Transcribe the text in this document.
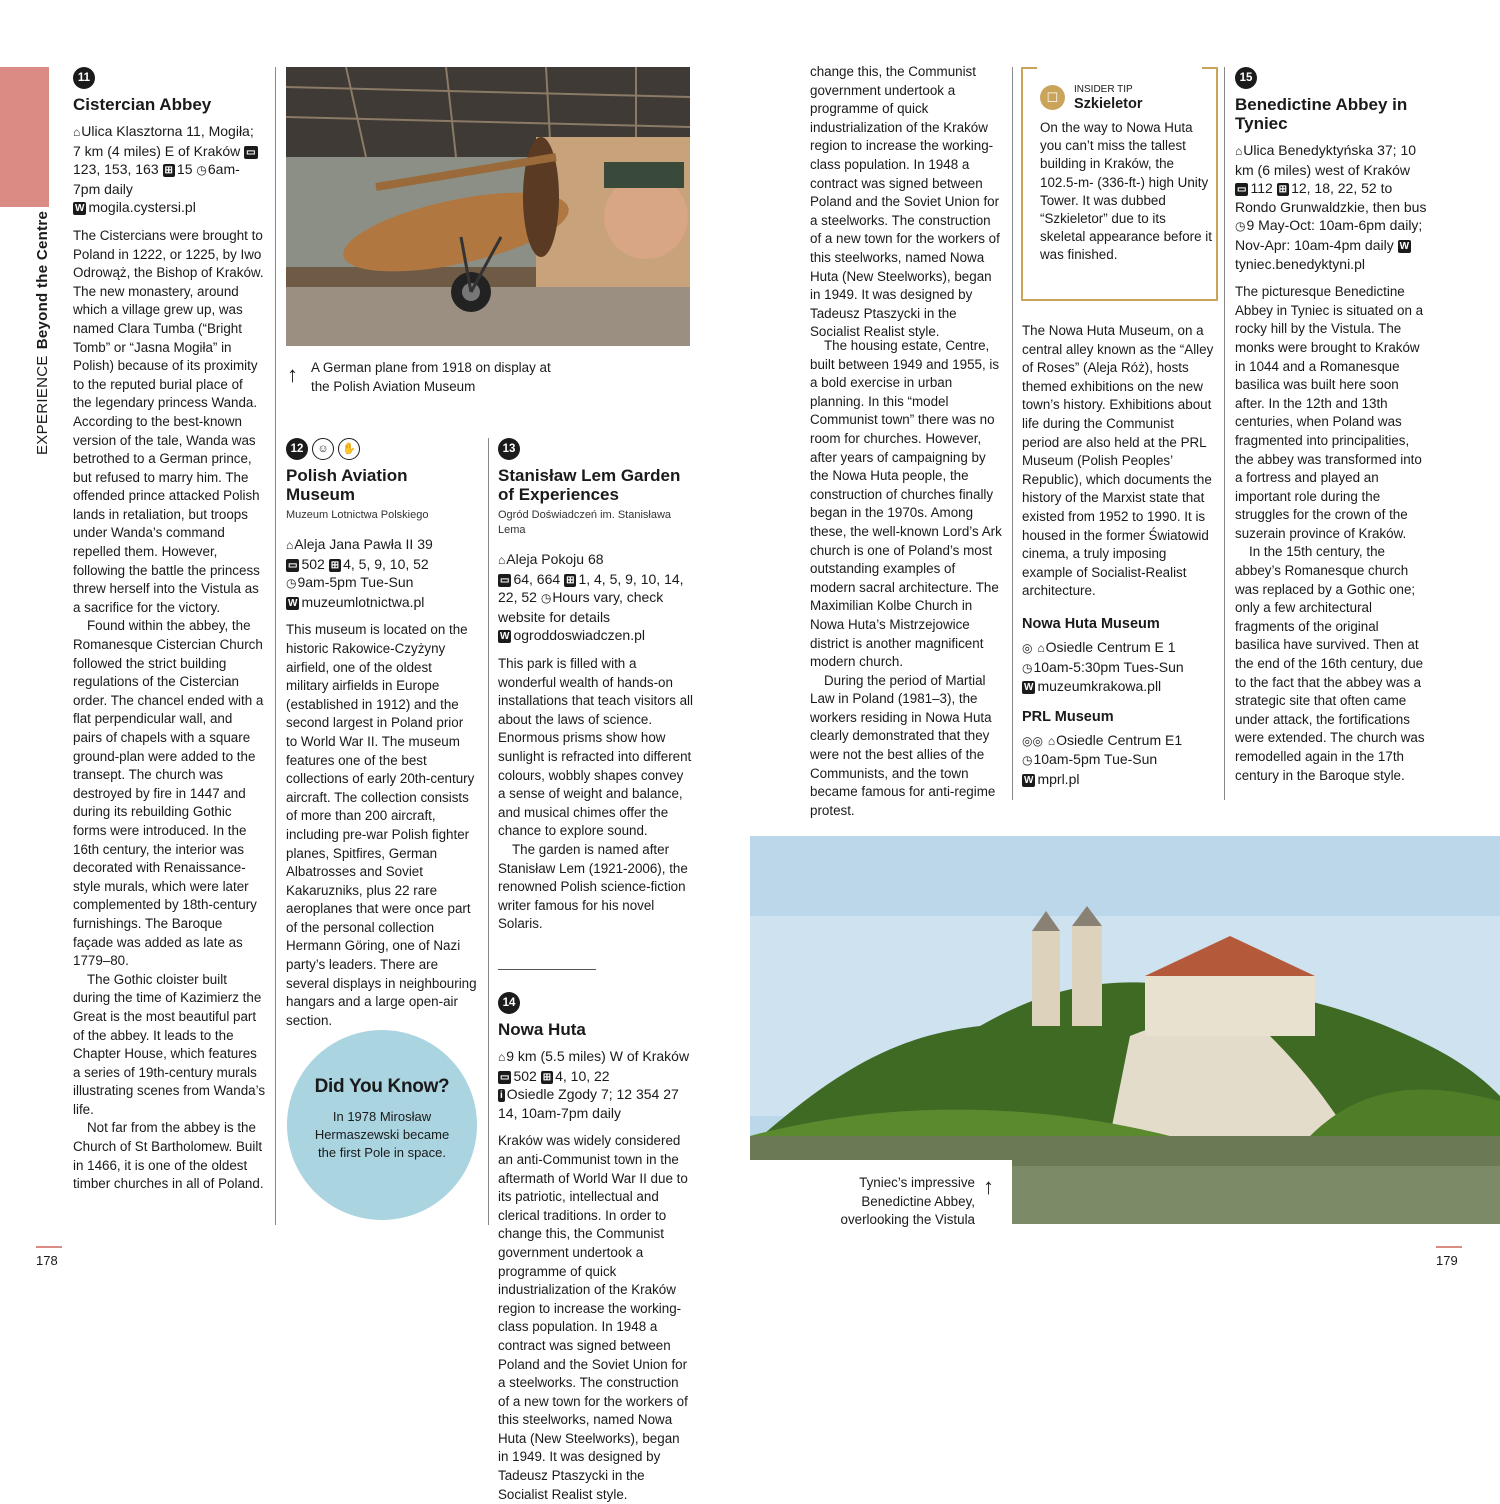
EXPERIENCEBeyond the Centre
11
Cistercian Abbey
⌂Ulica Klasztorna 11, Mogiła; 7 km (4 miles) E of Kraków ▭123, 153, 163 ⊞ 15 ◷6am-7pm daily
W mogila.cystersi.pl

The Cistercians were brought to Poland in 1222, or 1225, by Iwo Odrowąż, the Bishop of Kraków. The new monastery, around which a village grew up, was named Clara Tumba (“Bright Tomb” or “Jasna Mogiła” in Polish) because of its proximity to the reputed burial place of the legendary princess Wanda. According to the best-known version of the tale, Wanda was betrothed to a German prince, but refused to marry him. The offended prince attacked Polish lands in retaliation, but troops under Wanda’s command repelled them. However, following the battle the princess threw herself into the Vistula as a sacrifice for the victory.

Found within the abbey, the Romanesque Cistercian Church followed the strict building regulations of the Cistercian order. The chancel ended with a flat perpendicular wall, and pairs of chapels with a square ground-plan were added to the transept. The church was destroyed by fire in 1447 and during its rebuilding Gothic forms were introduced. In the 16th century, the interior was decorated with Renaissance-style murals, which were later complemented by 18th-century furnishings. The Baroque façade was added as late as 1779–80.

The Gothic cloister built during the time of Kazimierz the Great is the most beautiful part of the abbey. It leads to the Chapter House, which features a series of 19th-century murals illustrating scenes from Wanda’s life.

Not far from the abbey is the Church of St Bartholomew. Built in 1466, it is one of the oldest timber churches in all of Poland.

↑ A German plane from 1918 on display at the Polish Aviation Museum
12 ☺ ✋
Polish Aviation Museum
Muzeum Lotnictwa Polskiego
⌂Aleja Jana Pawła II 39
▭ 502 ⊞ 4, 5, 9, 10, 52
◷9am-5pm Tue-Sun
W muzeumlotnictwa.pl

This museum is located on the historic Rakowice-Czyżyny airfield, one of the oldest military airfields in Europe (established in 1912) and the second largest in Poland prior to World War II. The museum features one of the best collections of early 20th-century aircraft. The collection consists of more than 200 aircraft, including pre-war Polish fighter planes, Spitfires, German Albatrosses and Soviet Kakaruzniks, plus 22 rare aeroplanes that were once part of the personal collection Hermann Göring, one of Nazi party’s leaders. There are several displays in neighbouring hangars and a large open-air section.

Did You Know?
In 1978 Mirosław Hermaszewski became the first Pole in space.
13
Stanisław Lem Garden of Experiences
Ogród Doświadczeń im. Stanisława Lema
⌂Aleja Pokoju 68
▭ 64, 664 ⊞ 1, 4, 5, 9, 10, 14, 22, 52 ◷Hours vary, check website for details
W ogroddoswiadczen.pl

This park is filled with a wonderful wealth of hands-on installations that teach visitors all about the laws of science. Enormous prisms show how sunlight is refracted into different colours, wobbly shapes convey a sense of weight and balance, and musical chimes offer the chance to explore sound.

The garden is named after Stanisław Lem (1921-2006), the renowned Polish science-fiction writer famous for his novel Solaris.

14
Nowa Huta
⌂9 km (5.5 miles) W of Kraków ▭ 502 ⊞ 4, 10, 22
i Osiedle Zgody 7; 12 354 27 14, 10am-7pm daily

Kraków was widely considered an anti-Communist town in the aftermath of World War II due to its patriotic, intellectual and clerical traditions. In order to change this, the Communist government undertook a programme of quick industrialization of the Kraków region to increase the working-class population. In 1948 a contract was signed between Poland and the Soviet Union for a steelworks. The construction of a new town for the workers of this steelworks, named Nowa Huta (New Steelworks), began in 1949. It was designed by Tadeusz Ptaszycki in the Socialist Realist style.

change this, the Communist government undertook a programme of quick industrialization of the Kraków region to increase the working-class population. In 1948 a contract was signed between Poland and the Soviet Union for a steelworks. The construction of a new town for the workers of this steelworks, named Nowa Huta (New Steelworks), began in 1949. It was designed by Tadeusz Ptaszycki in the Socialist Realist style.

The housing estate, Centre, built between 1949 and 1955, is a bold exercise in urban planning. In this “model Communist town” there was no room for churches. However, after years of campaigning by the Nowa Huta people, the construction of churches finally began in the 1970s. Among these, the well-known Lord’s Ark church is one of Poland’s most outstanding examples of modern sacral architecture. The Maximilian Kolbe Church in Nowa Huta’s Mistrzejowice district is another magnificent modern church.

During the period of Martial Law in Poland (1981–3), the workers residing in Nowa Huta clearly demonstrated that they were not the best allies of the Communists, and the town became famous for anti-regime protest.

☐
INSIDER TIP
Szkieletor
On the way to Nowa Huta you can’t miss the tallest building in Kraków, the 102.5-m- (336-ft-) high Unity Tower. It was dubbed “Szkieletor” due to its skeletal appearance before it was finished.

The Nowa Huta Museum, on a central alley known as the “Alley of Roses” (Aleja Róż), hosts themed exhibitions on the new town’s history. Exhibitions about life during the Communist period are also held at the PRL Museum (Polish Peoples’ Republic), which documents the history of the Marxist state that existed from 1952 to 1990. It is housed in the former Światowid cinema, a truly imposing example of Socialist-Realist architecture.

Nowa Huta Museum
◎ ⌂Osiedle Centrum E 1
◷10am-5:30pm Tues-Sun
W muzeumkrakowa.pll
PRL Museum
◎◎ ⌂Osiedle Centrum E1
◷10am-5pm Tue-Sun
W mprl.pl
15
Benedictine Abbey in Tyniec
⌂Ulica Benedyktyńska 37; 10 km (6 miles) west of Kraków ▭ 112 ⊞ 12, 18, 22, 52 to Rondo Grunwaldzkie, then bus ◷9 May-Oct: 10am-6pm daily; Nov-Apr: 10am-4pm daily Wtyniec.benedyktyni.pl

The picturesque Benedictine Abbey in Tyniec is situated on a rocky hill by the Vistula. The monks were brought to Kraków in 1044 and a Romanesque basilica was built here soon after. In the 12th and 13th centuries, when Poland was fragmented into principalities, the abbey was transformed into a fortress and played an important role during the struggles for the crown of the suzerain province of Kraków.

In the 15th century, the abbey’s Romanesque church was replaced by a Gothic one; only a few architectural fragments of the original basilica have survived. Then at the end of the 16th century, due to the fact that the abbey was a strategic site that often came under attack, the fortifications were extended. The church was remodelled again in the 17th century in the Baroque style.

Tyniec’s impressive Benedictine Abbey, overlooking the Vistula
↑
178	179
